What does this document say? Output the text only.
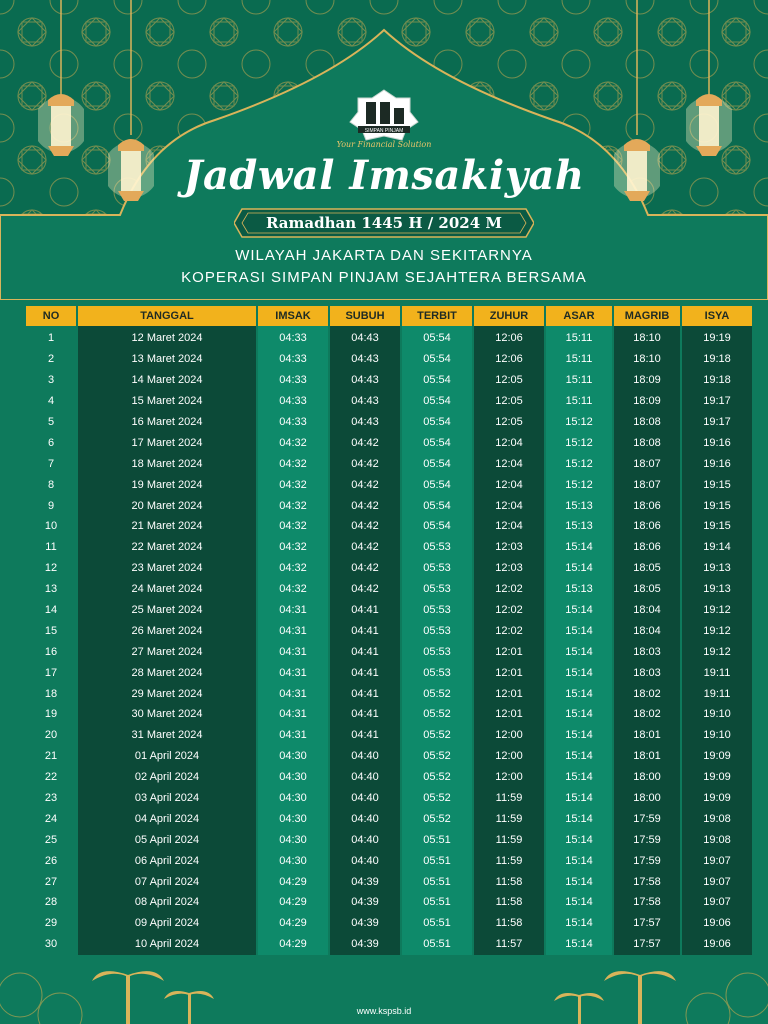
SIMPAN PINJAM
Your Financial Solution
Jadwal Imsakiyah
Ramadhan 1445 H / 2024 M
WILAYAH JAKARTA DAN SEKITARNYA
KOPERASI SIMPAN PINJAM SEJAHTERA BERSAMA
NO	TANGGAL	IMSAK	SUBUH	TERBIT	ZUHUR	ASAR	MAGRIB	ISYA
1	12 Maret 2024	04:33	04:43	05:54	12:06	15:11	18:10	19:19
2	13 Maret 2024	04:33	04:43	05:54	12:06	15:11	18:10	19:18
3	14 Maret 2024	04:33	04:43	05:54	12:05	15:11	18:09	19:18
4	15 Maret 2024	04:33	04:43	05:54	12:05	15:11	18:09	19:17
5	16 Maret 2024	04:33	04:43	05:54	12:05	15:12	18:08	19:17
6	17 Maret 2024	04:32	04:42	05:54	12:04	15:12	18:08	19:16
7	18 Maret 2024	04:32	04:42	05:54	12:04	15:12	18:07	19:16
8	19 Maret 2024	04:32	04:42	05:54	12:04	15:12	18:07	19:15
9	20 Maret 2024	04:32	04:42	05:54	12:04	15:13	18:06	19:15
10	21 Maret 2024	04:32	04:42	05:54	12:04	15:13	18:06	19:15
11	22 Maret 2024	04:32	04:42	05:53	12:03	15:14	18:06	19:14
12	23 Maret 2024	04:32	04:42	05:53	12:03	15:14	18:05	19:13
13	24 Maret 2024	04:32	04:42	05:53	12:02	15:13	18:05	19:13
14	25 Maret 2024	04:31	04:41	05:53	12:02	15:14	18:04	19:12
15	26 Maret 2024	04:31	04:41	05:53	12:02	15:14	18:04	19:12
16	27 Maret 2024	04:31	04:41	05:53	12:01	15:14	18:03	19:12
17	28 Maret 2024	04:31	04:41	05:53	12:01	15:14	18:03	19:11
18	29 Maret 2024	04:31	04:41	05:52	12:01	15:14	18:02	19:11
19	30 Maret 2024	04:31	04:41	05:52	12:01	15:14	18:02	19:10
20	31 Maret 2024	04:31	04:41	05:52	12:00	15:14	18:01	19:10
21	01 April 2024	04:30	04:40	05:52	12:00	15:14	18:01	19:09
22	02 April 2024	04:30	04:40	05:52	12:00	15:14	18:00	19:09
23	03 April 2024	04:30	04:40	05:52	11:59	15:14	18:00	19:09
24	04 April 2024	04:30	04:40	05:52	11:59	15:14	17:59	19:08
25	05 April 2024	04:30	04:40	05:51	11:59	15:14	17:59	19:08
26	06 April 2024	04:30	04:40	05:51	11:59	15:14	17:59	19:07
27	07 April 2024	04:29	04:39	05:51	11:58	15:14	17:58	19:07
28	08 April 2024	04:29	04:39	05:51	11:58	15:14	17:58	19:07
29	09 April 2024	04:29	04:39	05:51	11:58	15:14	17:57	19:06
30	10 April 2024	04:29	04:39	05:51	11:57	15:14	17:57	19:06
www.kspsb.id
